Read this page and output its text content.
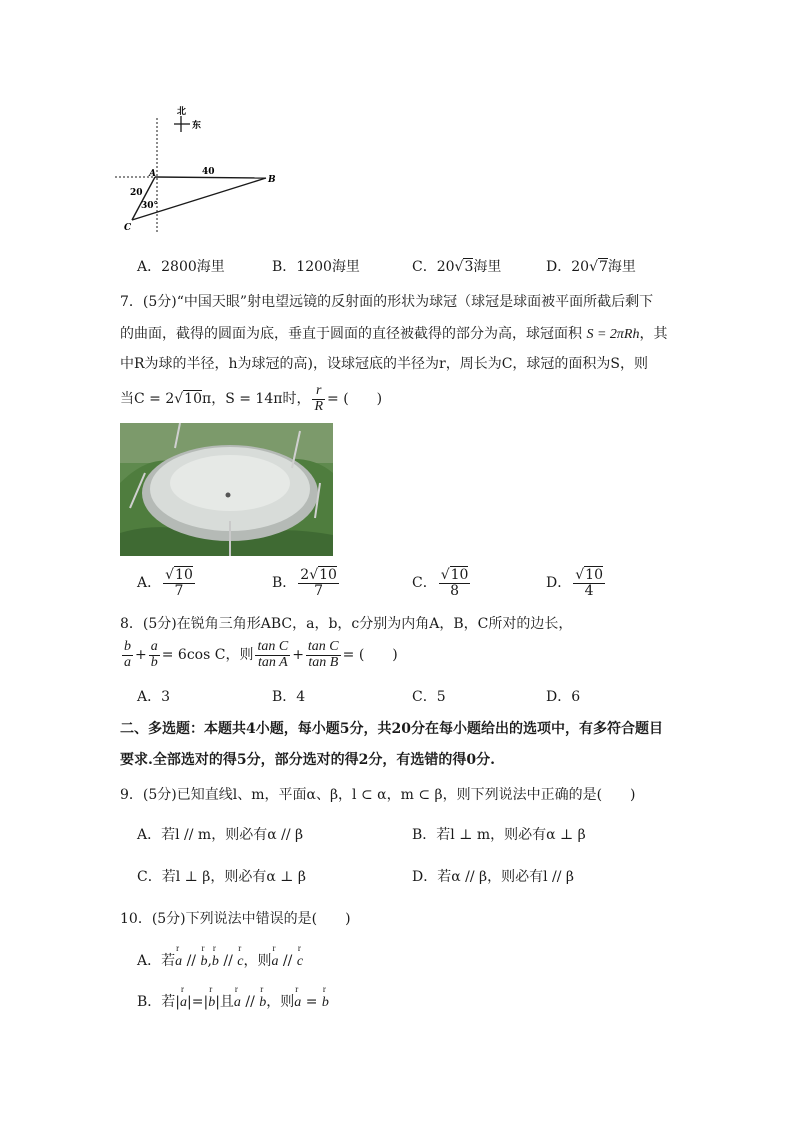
北
东
A
B
C
40
20
30°
A．2800海里	B．1200海里	C．20√3海里	D．20√7海里
7．(5分)“中国天眼”射电望远镜的反射面的形状为球冠（球冠是球面被平面所截后剩下
的曲面，截得的圆面为底，垂直于圆面的直径被截得的部分为高，球冠面积 S = 2πRh，其
中R为球的半径，h为球冠的高)，设球冠底的半径为r，周长为C，球冠的面积为S，则
当C = 2√10π，S = 14π时， $\frac{r}{R}$ = (　　)
A． $\frac{√10}{7}$	B． $\frac{2√10}{7}$	C． $\frac{√10}{8}$	D． $\frac{√10}{4}$
8．(5分)在锐角三角形ABC，a，b，c分别为内角A，B，C所对的边长，
$\frac{b}{a} + \frac{a}{b} = 6\cos$ C，则 $\frac{\text{tan C}}{\text{tan A}} + \frac{\text{tan C}}{\text{tan B}}$ = (　　)
A．3	B．4	C．5	D．6
二、多选题：本题共4小题，每小题5分，共20分在每小题给出的选项中，有多符合题目
要求.全部选对的得5分，部分选对的得2分，有选错的得0分.
9．(5分)已知直线l、m，平面α、β，l ⊂ α，m ⊂ β，则下列说法中正确的是(　　)
A．若l // m，则必有α // β	B．若l ⊥ m，则必有α ⊥ β
C．若l ⊥ β，则必有α ⊥ β	D．若α // β，则必有l // β
10．(5分)下列说法中错误的是(　　)
A．若
r
a //
r
b,
r
b //
r
c，则
r
a //
r
c
B．若|
r
a|=|
r
b|且
r
a //
r
b，则
r
a =
r
b
